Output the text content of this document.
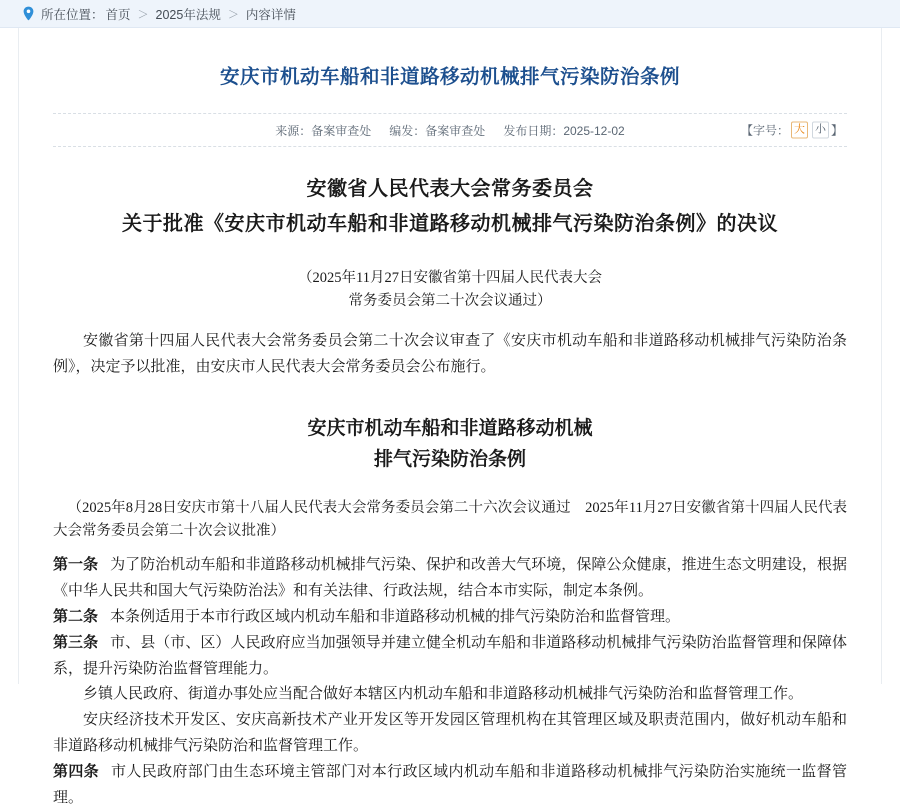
所在位置： 首页 ＞ 2025年法规 ＞ 内容详情
安庆市机动车船和非道路移动机械排气污染防治条例
来源：备案审查处 编发：备案审查处 发布日期：2025-12-02	【 字号： 大 小 】
安徽省人民代表大会常务委员会
关于批准《安庆市机动车船和非道路移动机械排气污染防治条例》的决议
（2025年11月27日安徽省第十四届人民代表大会
常务委员会第二十次会议通过）
安徽省第十四届人民代表大会常务委员会第二十次会议审查了《安庆市机动车船和非道路移动机械排气污染防治条例》，决定予以批准，由安庆市人民代表大会常务委员会公布施行。
安庆市机动车船和非道路移动机械
排气污染防治条例
（2025年8月28日安庆市第十八届人民代表大会常务委员会第二十六次会议通过　2025年11月27日安徽省第十四届人民代表大会常务委员会第二十次会议批准）
第一条 为了防治机动车船和非道路移动机械排气污染、保护和改善大气环境，保障公众健康，推进生态文明建设，根据《中华人民共和国大气污染防治法》和有关法律、行政法规，结合本市实际，制定本条例。
第二条 本条例适用于本市行政区域内机动车船和非道路移动机械的排气污染防治和监督管理。
第三条 市、县（市、区）人民政府应当加强领导并建立健全机动车船和非道路移动机械排气污染防治监督管理和保障体系，提升污染防治监督管理能力。
乡镇人民政府、街道办事处应当配合做好本辖区内机动车船和非道路移动机械排气污染防治和监督管理工作。
安庆经济技术开发区、安庆高新技术产业开发区等开发园区管理机构在其管理区域及职责范围内，做好机动车船和非道路移动机械排气污染防治和监督管理工作。
第四条 市人民政府部门由生态环境主管部门对本行政区域内机动车船和非道路移动机械排气污染防治实施统一监督管理。
